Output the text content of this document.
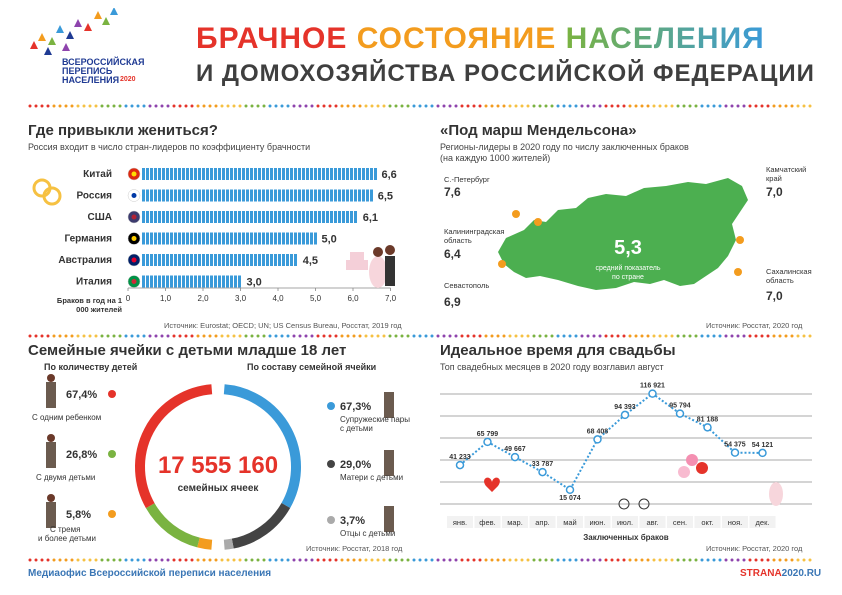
ВСЕРОССИЙСКАЯ
ПЕРЕПИСЬ
НАСЕЛЕНИЯ 2020
БРАЧНОЕ СОСТОЯНИЕ НАСЕЛЕНИЯ
И ДОМОХОЗЯЙСТВА РОССИЙСКОЙ ФЕДЕРАЦИИ
Где привыкли жениться?
Россия входит в число стран-лидеров по коэффициенту брачности
Китай	6,6
Россия	6,5
США	6,1
Германия	5,0
Австралия	4,5
Италия	3,0
0	1,0	2,0	3,0	4,0	5,0	6,0	7,0
Браков в год на 1 000 жителей
Источник: Eurostat; OECD; UN; US Census Bureau, Росстат, 2019 год
«Под марш Мендельсона»
Регионы-лидеры в 2020 году по числу заключенных браков
(на каждую 1000 жителей)
5,3
средний показатель
по стране
С.-Петербург
7,6
Калининградская
область
6,4
Севастополь
6,9
Камчатский
край
7,0
Сахалинская
область
7,0
Источник: Росстат, 2020 год
Семейные ячейки с детьми младше 18 лет
По количеству детей	По составу семейной ячейки
67,4%
26,8%
5,8%
С одним ребенком
С двумя детьми
С тремя
и более детьми
67,3%
29,0%
3,7%
Супружеские пары
с детьми
Матери с детьми
Отцы с детьми
17 555 160
семейных ячеек
Источник: Росстат, 2018 год
Идеальное время для свадьбы
Топ свадебных месяцев в 2020 году возглавил август
41 233
65 799
49 667
33 787
15 074
68 408
94 393
116 921
95 794
81 188
54 375 54 121
янв. фев. мар. апр. май июн. июл. авг. сен. окт. ноя. дек.
Заключенных браков
Источник: Росстат, 2020 год
Медиаофис Всероссийской переписи населения	STRANA2020.RU
